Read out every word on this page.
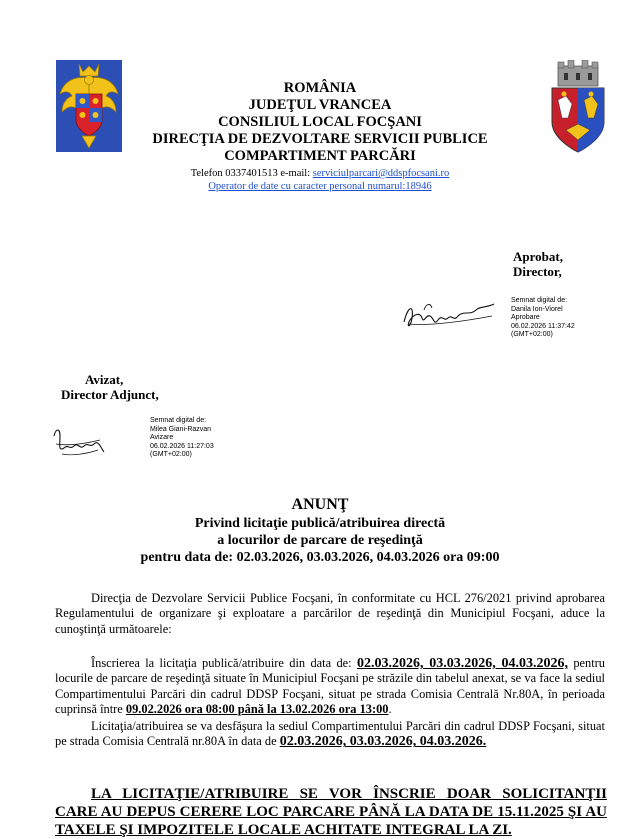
ROMÂNIA
JUDEŢUL VRANCEA
CONSILIUL LOCAL FOCŞANI
DIRECŢIA DE DEZVOLTARE SERVICII PUBLICE
COMPARTIMENT PARCĂRI
Telefon 0337401513 e-mail: serviciulparcari@ddspfocsani.ro
Operator de date cu caracter personal numarul:18946
Aprobat,
Director,
Semnat digital de:
Danila Ion-Viorel
Aprobare
06.02.2026 11:37:42
(GMT+02:00)
Avizat,
Director Adjunct,
Semnat digital de:
Milea Giani-Razvan
Avizare
06.02.2026 11:27:03
(GMT+02:00)
ANUNŢ
Privind licitaţie publică/atribuirea directă
a locurilor de parcare de reşedinţă
pentru data de: 02.03.2026, 03.03.2026, 04.03.2026 ora 09:00
Direcţia de Dezvolare Servicii Publice Focşani, în conformitate cu HCL 276/2021 privind aprobarea Regulamentului de organizare şi exploatare a parcărilor de reşedinţă din Municipiul Focşani, aduce la cunoştinţă următoarele:
Înscrierea la licitaţia publică/atribuire din data de: 02.03.2026, 03.03.2026, 04.03.2026, pentru locurile de parcare de reşedinţă situate în Municipiul Focşani pe străzile din tabelul anexat, se va face la sediul Compartimentului Parcări din cadrul DDSP Focşani, situat pe strada Comisia Centrală Nr.80A, în perioada cuprinsă între 09.02.2026 ora 08:00 până la 13.02.2026 ora 13:00.
Licitaţia/atribuirea se va desfăşura la sediul Compartimentului Parcări din cadrul DDSP Focşani, situat pe strada Comisia Centrală nr.80A în data de 02.03.2026, 03.03.2026, 04.03.2026.
LA LICITAŢIE/ATRIBUIRE SE VOR ÎNSCRIE DOAR SOLICITANŢII CARE AU DEPUS CERERE LOC PARCARE PÂNĂ LA DATA DE 15.11.2025 ŞI AU TAXELE ŞI IMPOZITELE LOCALE ACHITATE INTEGRAL LA ZI.
